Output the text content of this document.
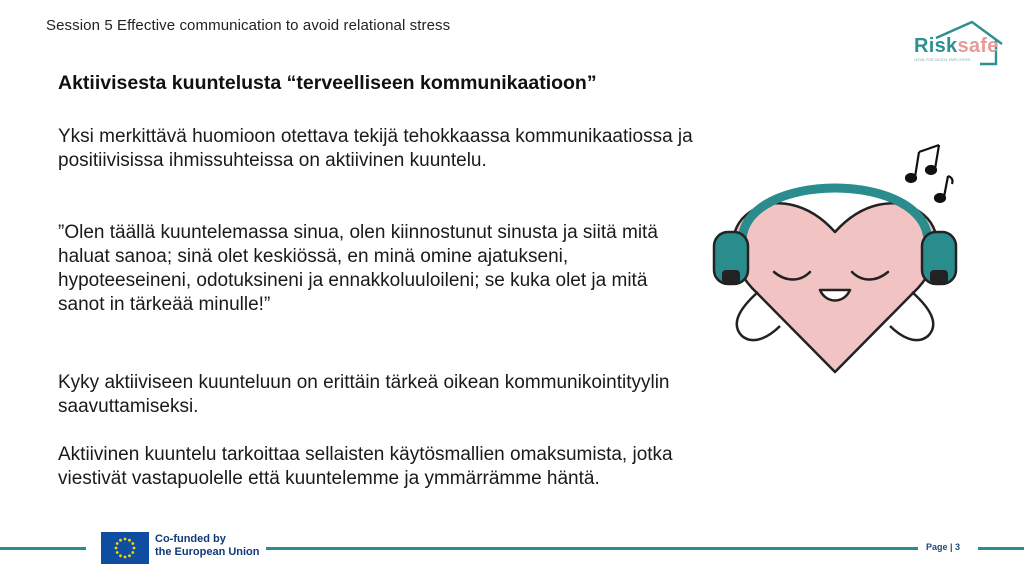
Session 5 Effective communication to avoid relational stress
Risksafe
LEGAL FOR DIGITAL EMPLOYEES
Aktiivisesta kuuntelusta “terveelliseen kommunikaatioon”
Yksi merkittävä huomioon otettava tekijä tehokkaassa kommunikaatiossa ja positiivisissa ihmissuhteissa on aktiivinen kuuntelu.
”Olen täällä kuuntelemassa sinua, olen kiinnostunut sinusta ja siitä mitä haluat sanoa; sinä olet keskiössä, en minä omine ajatukseni, hypoteeseineni, odotuksineni ja ennakkoluuloileni; se kuka olet ja mitä sanot in tärkeää minulle!”
Kyky aktiiviseen kuunteluun on erittäin tärkeä oikean kommunikointityylin saavuttamiseksi.
Aktiivinen kuuntelu tarkoittaa sellaisten käytösmallien omaksumista, jotka viestivät vastapuolelle että kuuntelemme ja ymmärrämme häntä.
Co-funded by
the European Union	Page | 3
